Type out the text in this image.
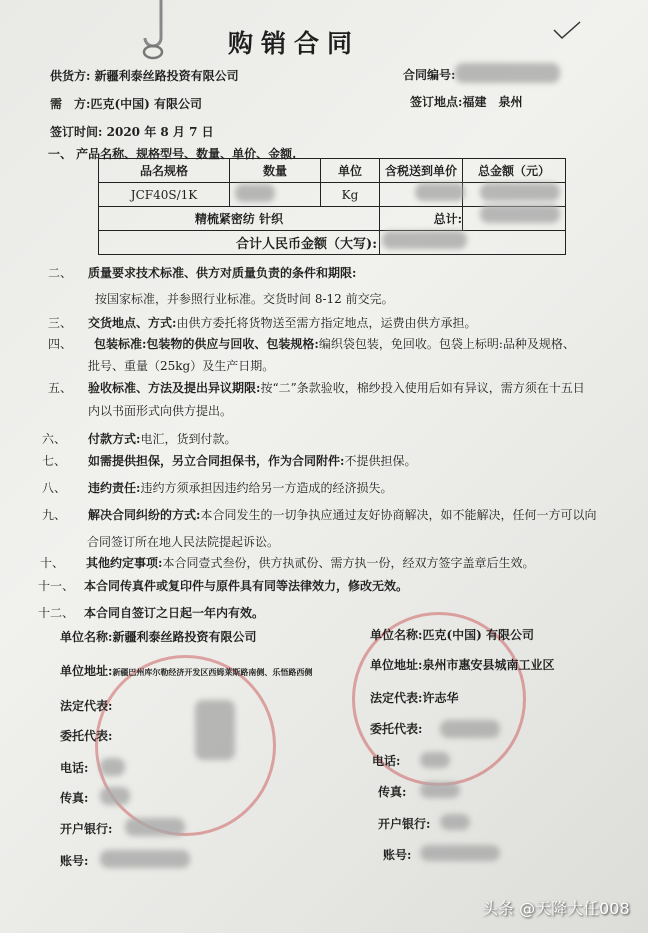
购销合同
供货方: 新疆利泰丝路投资有限公司
需　方:匹克(中国) 有限公司
签订时间: 2020 年 8 月 7 日
合同编号:
签订地点:福建　泉州
一、 产品名称、规格型号、数量、单价、金额.
品名规格	数量	单位	含税送到单价	总金额（元）
JCF40S/1K		Kg		
精梳紧密纺 针织			总计:	
合计人民币金额（大写):				
二、 质量要求技术标准、供方对质量负责的条件和期限:
按国家标准，并参照行业标准。交货时间 8-12 前交完。
三、 交货地点、方式:由供方委托将货物送至需方指定地点，运费由供方承担。
四、 包装标准:包装物的供应与回收、包装规格:编织袋包装，免回收。包袋上标明:品种及规格、
批号、重量（25kg）及生产日期。
五、 验收标准、方法及提出异议期限:按“二”条款验收，棉纱投入使用后如有异议，需方须在十五日
内以书面形式向供方提出。
六、 付款方式:电汇，货到付款。
七、 如需提供担保，另立合同担保书，作为合同附件:不提供担保。
八、 违约责任:违约方须承担因违约给另一方造成的经济损失。
九、 解决合同纠纷的方式:本合同发生的一切争执应通过友好协商解决，如不能解决，任何一方可以向
合同签订所在地人民法院提起诉讼。
十、 其他约定事项:本合同壹式叁份，供方执贰份、需方执一份，经双方签字盖章后生效。
十一、 本合同传真件或复印件与原件具有同等法律效力，修改无效。
十二、 本合同自签订之日起一年内有效。
单位名称:新疆利泰丝路投资有限公司
单位地址:新疆巴州库尔勒经济开发区西姆莱斯路南侧、乐悟路西侧
法定代表:
委托代表:
电话:
传真:
开户银行:
账号:
单位名称:匹克(中国) 有限公司
单位地址:泉州市惠安县城南工业区
法定代表:许志华
委托代表:
电话:
传真:
开户银行:
账号:
头条 @天降大任008
